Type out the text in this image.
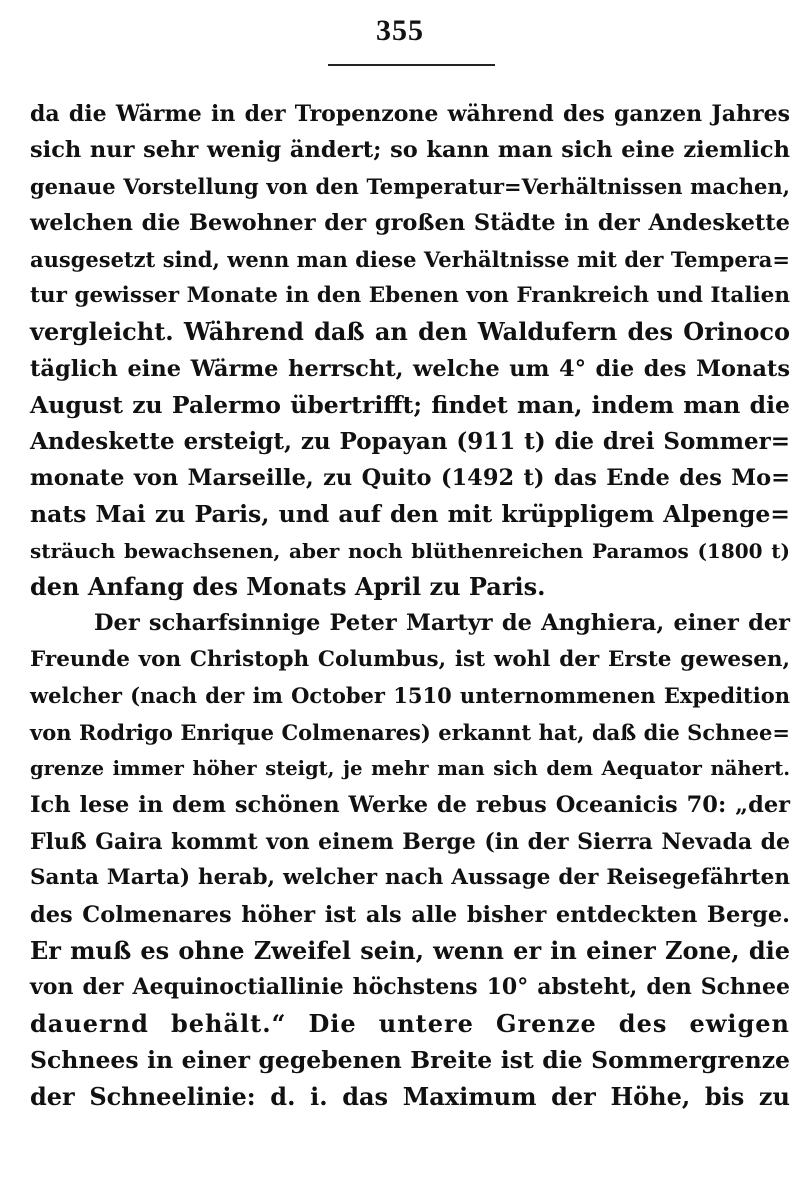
355
da die Wärme in der Tropenzone während des ganzen Jahres
sich nur sehr wenig ändert; so kann man sich eine ziemlich
genaue Vorstellung von den Temperatur=Verhältnissen machen,
welchen die Bewohner der großen Städte in der Andeskette
ausgesetzt sind, wenn man diese Verhältnisse mit der Tempera=
tur gewisser Monate in den Ebenen von Frankreich und Italien
vergleicht. Während daß an den Waldufern des Orinoco
täglich eine Wärme herrscht, welche um 4° die des Monats
August zu Palermo übertrifft; findet man, indem man die
Andeskette ersteigt, zu Popayan (911 t) die drei Sommer=
monate von Marseille, zu Quito (1492 t) das Ende des Mo=
nats Mai zu Paris, und auf den mit krüppligem Alpenge=
sträuch bewachsenen, aber noch blüthenreichen Paramos (1800 t)
den Anfang des Monats April zu Paris.
Der scharfsinnige Peter Martyr de Anghiera, einer der
Freunde von Christoph Columbus, ist wohl der Erste gewesen,
welcher (nach der im October 1510 unternommenen Expedition
von Rodrigo Enrique Colmenares) erkannt hat, daß die Schnee=
grenze immer höher steigt, je mehr man sich dem Aequator nähert.
Ich lese in dem schönen Werke de rebus Oceanicis 70: „der
Fluß Gaira kommt von einem Berge (in der Sierra Nevada de
Santa Marta) herab, welcher nach Aussage der Reisegefährten
des Colmenares höher ist als alle bisher entdeckten Berge.
Er muß es ohne Zweifel sein, wenn er in einer Zone, die
von der Aequinoctiallinie höchstens 10° absteht, den Schnee
dauernd behält.“ Die untere Grenze des ewigen
Schnees in einer gegebenen Breite ist die Sommergrenze
der Schneelinie: d. i. das Maximum der Höhe, bis zu
